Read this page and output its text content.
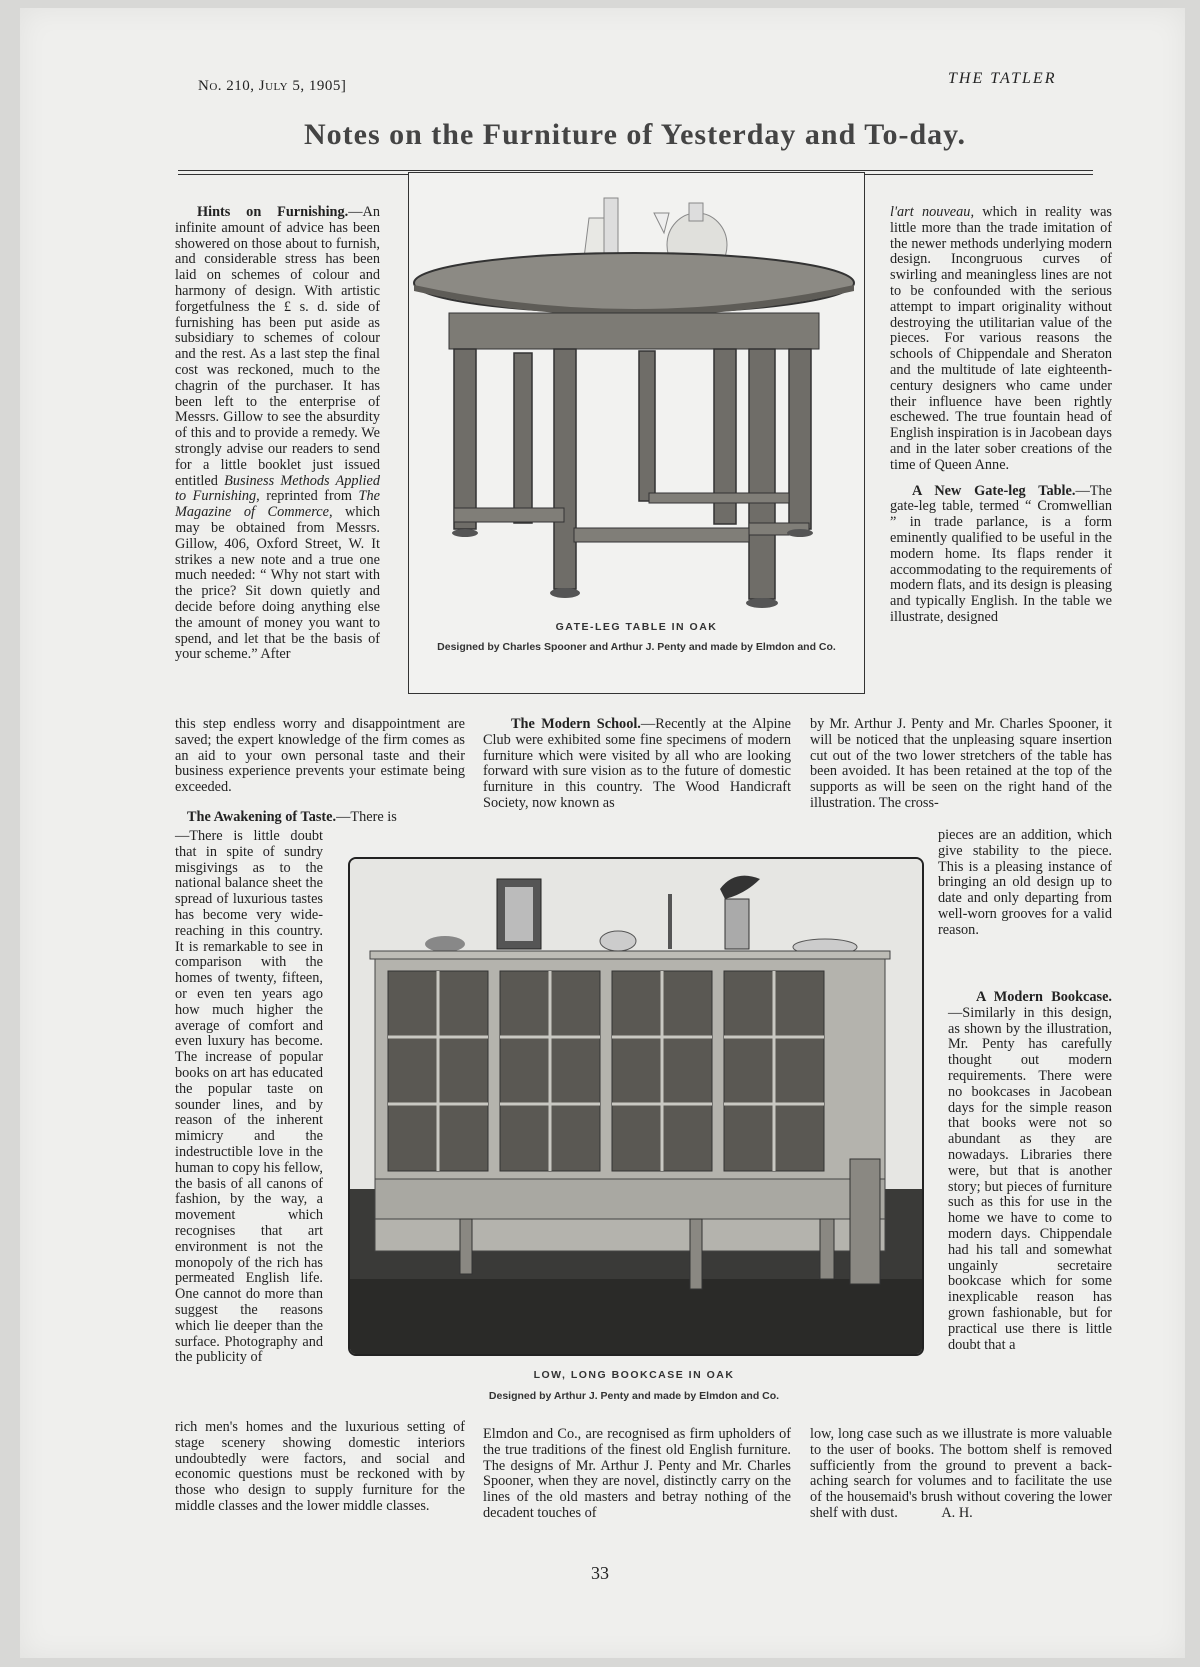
No. 210, July 5, 1905]	THE TATLER
Notes on the Furniture of Yesterday and To-day.

Hints on Furnishing.—An infinite amount of advice has been showered on those about to furnish, and considerable stress has been laid on schemes of colour and harmony of design. With artistic forgetfulness the £ s. d. side of furnishing has been put aside as subsidiary to schemes of colour and the rest. As a last step the final cost was reckoned, much to the chagrin of the purchaser. It has been left to the enterprise of Messrs. Gillow to see the absurdity of this and to provide a remedy. We strongly advise our readers to send for a little booklet just issued entitled Business Methods Applied to Furnishing, reprinted from The Magazine of Commerce, which may be obtained from Messrs. Gillow, 406, Oxford Street, W. It strikes a new note and a true one much needed: “ Why not start with the price? Sit down quietly and decide before doing anything else the amount of money you want to spend, and let that be the basis of your scheme.” After

GATE-LEG TABLE IN OAK
Designed by Charles Spooner and Arthur J. Penty and made by Elmdon and Co.

l'art nouveau, which in reality was little more than the trade imitation of the newer methods underlying modern design. Incongruous curves of swirling and meaningless lines are not to be confounded with the serious attempt to impart originality without destroying the utilitarian value of the pieces. For various reasons the schools of Chippendale and Sheraton and the multitude of late eighteenth-century designers who came under their influence have been rightly eschewed. The true fountain head of English inspiration is in Jacobean days and in the later sober creations of the time of Queen Anne.

A New Gate-leg Table.—The gate-leg table, termed “ Cromwellian ” in trade parlance, is a form eminently qualified to be useful in the modern home. Its flaps render it accommodating to the requirements of modern flats, and its design is pleasing and typically English. In the table we illustrate, designed

this step endless worry and disappointment are saved; the expert knowledge of the firm comes as an aid to your own personal taste and their business experience prevents your estimate being exceeded.

The Awakening of Taste.—There is

The Modern School.—Recently at the Alpine Club were exhibited some fine specimens of modern furniture which were visited by all who are looking forward with sure vision as to the future of domestic furniture in this country. The Wood Handicraft Society, now known as

by Mr. Arthur J. Penty and Mr. Charles Spooner, it will be noticed that the unpleasing square insertion cut out of the two lower stretchers of the table has been avoided. It has been retained at the top of the supports as will be seen on the right hand of the illustration. The cross-

—There is little doubt that in spite of sundry misgivings as to the national balance sheet the spread of luxurious tastes has become very wide-reaching in this country. It is remarkable to see in comparison with the homes of twenty, fifteen, or even ten years ago how much higher the average of comfort and even luxury has become. The increase of popular books on art has educated the popular taste on sounder lines, and by reason of the inherent mimicry and the indestructible love in the human to copy his fellow, the basis of all canons of fashion, by the way, a movement which recognises that art environment is not the monopoly of the rich has permeated English life. One cannot do more than suggest the reasons which lie deeper than the surface. Photography and the publicity of

pieces are an addition, which give stability to the piece. This is a pleasing instance of bringing an old design up to date and only departing from well-worn grooves for a valid reason.

A Modern Bookcase.—Similarly in this design, as shown by the illustration, Mr. Penty has carefully thought out modern requirements. There were no bookcases in Jacobean days for the simple reason that books were not so abundant as they are nowadays. Libraries there were, but that is another story; but pieces of furniture such as this for use in the home we have to come to modern days. Chippendale had his tall and somewhat ungainly secretaire bookcase which for some inexplicable reason has grown fashionable, but for practical use there is little doubt that a

LOW, LONG BOOKCASE IN OAK
Designed by Arthur J. Penty and made by Elmdon and Co.

rich men's homes and the luxurious setting of stage scenery showing domestic interiors undoubtedly were factors, and social and economic questions must be reckoned with by those who design to supply furniture for the middle classes and the lower middle classes.

Elmdon and Co., are recognised as firm upholders of the true traditions of the finest old English furniture. The designs of Mr. Arthur J. Penty and Mr. Charles Spooner, when they are novel, distinctly carry on the lines of the old masters and betray nothing of the decadent touches of

low, long case such as we illustrate is more valuable to the user of books. The bottom shelf is removed sufficiently from the ground to prevent a back-aching search for volumes and to facilitate the use of the housemaid's brush without covering the lower shelf with dust.	A. H.

33
